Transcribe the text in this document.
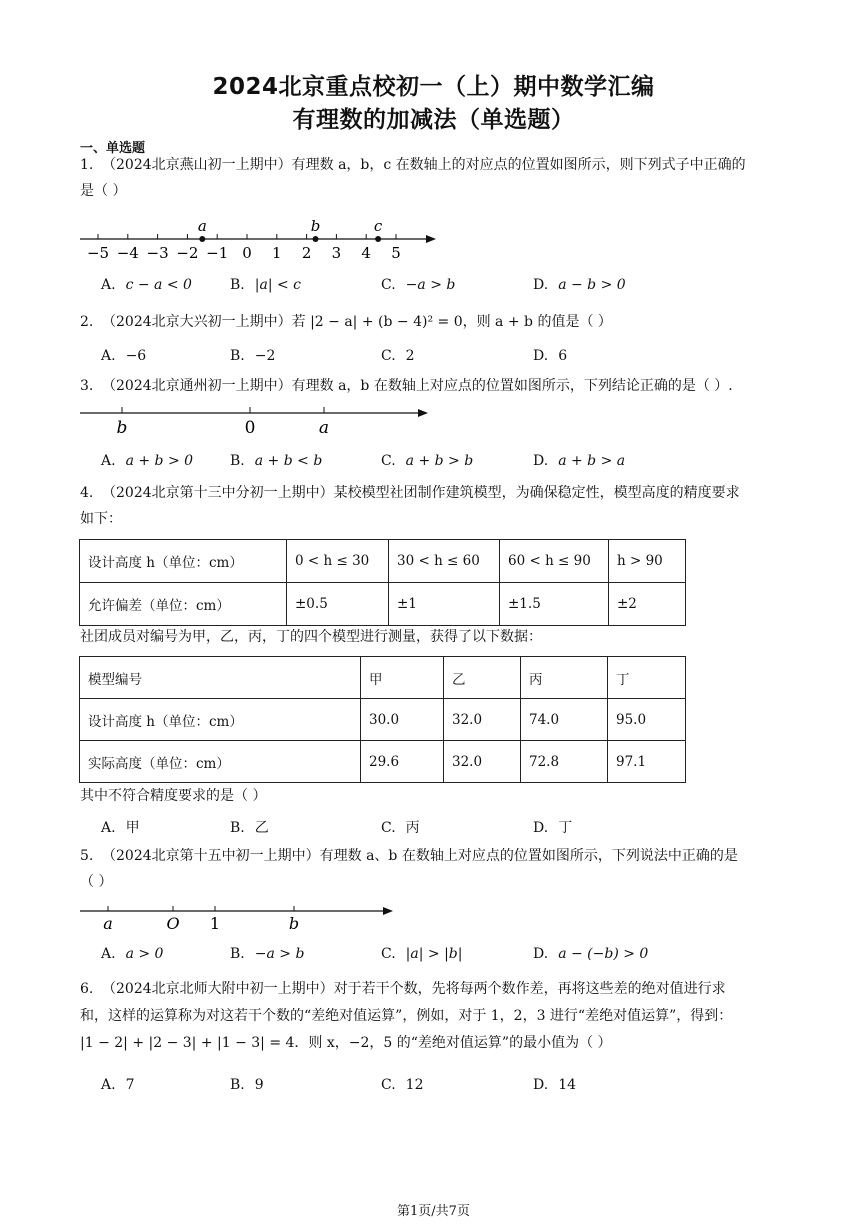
2024北京重点校初一（上）期中数学汇编
有理数的加减法（单选题）
一、单选题
1. （2024北京燕山初一上期中）有理数 a，b，c 在数轴上的对应点的位置如图所示，则下列式子中正确的
是（ ）
−5 −4 −3 −2 −1 0 1 2 3 4 5
a	b	c
A. c − a < 0	B. |a| < c	C. −a > b	D. a − b > 0
2. （2024北京大兴初一上期中）若 |2 − a| + (b − 4)² = 0，则 a + b 的值是（ ）
A. −6	B. −2	C. 2	D. 6
3. （2024北京通州初一上期中）有理数 a，b 在数轴上对应点的位置如图所示，下列结论正确的是（ ）.
b	0	a
A. a + b > 0	B. a + b < b	C. a + b > b	D. a + b > a
4. （2024北京第十三中分初一上期中）某校模型社团制作建筑模型，为确保稳定性，模型高度的精度要求
如下：
设计高度 h（单位：cm）	0 < h ≤ 30	30 < h ≤ 60	60 < h ≤ 90	h > 90
允许偏差（单位：cm）	±0.5	±1	±1.5	±2
社团成员对编号为甲，乙，丙，丁的四个模型进行测量，获得了以下数据：
模型编号	甲	乙	丙	丁
设计高度 h（单位：cm）	30.0	32.0	74.0	95.0
实际高度（单位：cm）	29.6	32.0	72.8	97.1
其中不符合精度要求的是（ ）
A. 甲	B. 乙	C. 丙	D. 丁
5. （2024北京第十五中初一上期中）有理数 a、b 在数轴上对应点的位置如图所示，下列说法中正确的是
（ ）
a	O 1	b
A. a > 0	B. −a > b	C. |a| > |b|	D. a − (−b) > 0
6. （2024北京北师大附中初一上期中）对于若干个数，先将每两个数作差，再将这些差的绝对值进行求
和，这样的运算称为对这若干个数的“差绝对值运算”，例如，对于 1，2，3 进行“差绝对值运算”，得到：
|1 − 2| + |2 − 3| + |1 − 3| = 4．则 x，−2，5 的“差绝对值运算”的最小值为（ ）
A. 7	B. 9	C. 12	D. 14
第1页/共7页
